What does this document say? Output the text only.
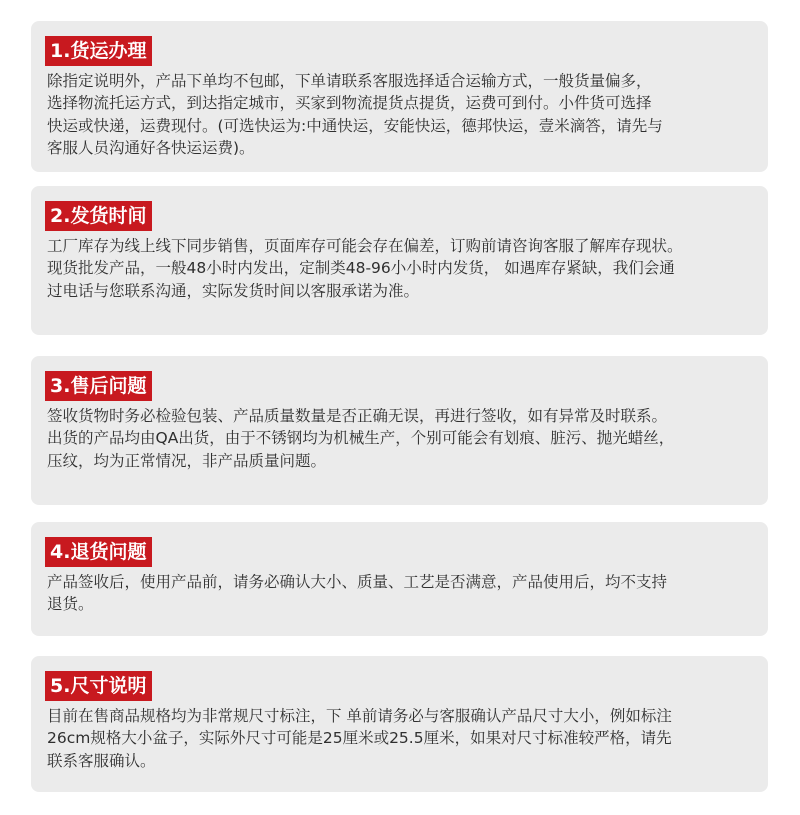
1.货运办理
除指定说明外，产品下单均不包邮，下单请联系客服选择适合运输方式，一般货量偏多，
选择物流托运方式，到达指定城市，买家到物流提货点提货，运费可到付。小件货可选择
快运或快递，运费现付。(可选快运为:中通快运，安能快运，德邦快运，壹米滴答，请先与
客服人员沟通好各快运运费)。
2.发货时间
工厂库存为线上线下同步销售，页面库存可能会存在偏差，订购前请咨询客服了解库存现状。
现货批发产品，一般48小时内发出，定制类48-96小小时内发货， 如遇库存紧缺，我们会通
过电话与您联系沟通，实际发货时间以客服承诺为准。
3.售后问题
签收货物时务必检验包装、产品质量数量是否正确无误，再进行签收，如有异常及时联系。
出货的产品均由QA出货，由于不锈钢均为机械生产，个别可能会有划痕、脏污、抛光蜡丝，
压纹，均为正常情况，非产品质量问题。
4.退货问题
产品签收后，使用产品前，请务必确认大小、质量、工艺是否满意，产品使用后，均不支持
退货。
5.尺寸说明
目前在售商品规格均为非常规尺寸标注，下 单前请务必与客服确认产品尺寸大小，例如标注
26cm规格大小盆子，实际外尺寸可能是25厘米或25.5厘米，如果对尺寸标准较严格，请先
联系客服确认。
